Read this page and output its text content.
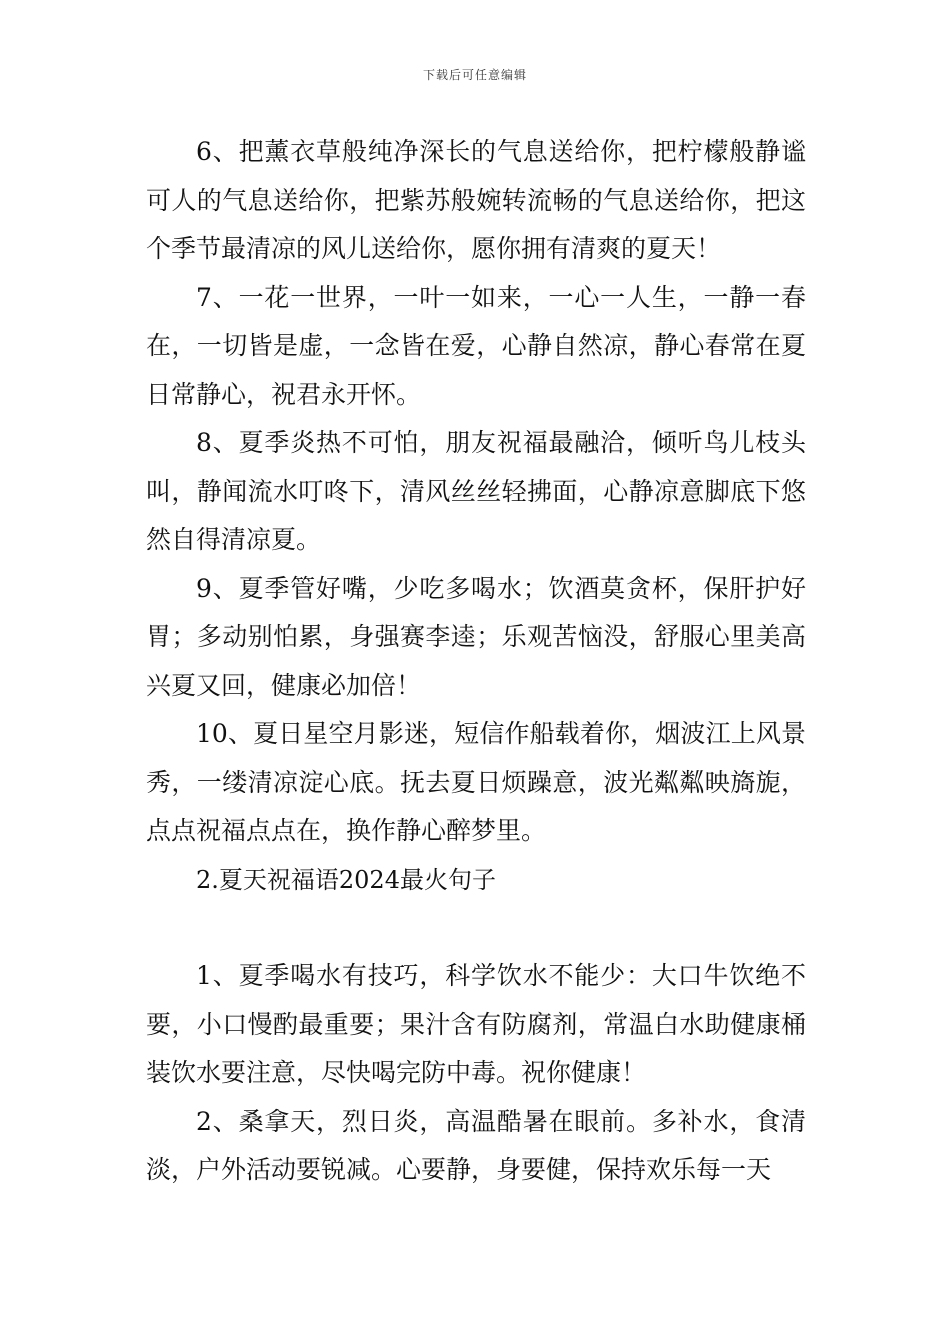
下载后可任意编辑

6、把薰衣草般纯净深长的气息送给你，把柠檬般静谧可人的气息送给你，把紫苏般婉转流畅的气息送给你，把这个季节最清凉的风儿送给你，愿你拥有清爽的夏天！

7、一花一世界，一叶一如来，一心一人生，一静一春在，一切皆是虚，一念皆在爱，心静自然凉，静心春常在夏日常静心，祝君永开怀。

8、夏季炎热不可怕，朋友祝福最融洽，倾听鸟儿枝头叫，静闻流水叮咚下，清风丝丝轻拂面，心静凉意脚底下悠然自得清凉夏。

9、夏季管好嘴，少吃多喝水；饮酒莫贪杯，保肝护好胃；多动别怕累，身强赛李逵；乐观苦恼没，舒服心里美高兴夏又回，健康必加倍！

10、夏日星空月影迷，短信作船载着你，烟波江上风景秀，一缕清凉淀心底。抚去夏日烦躁意，波光粼粼映旖旎，点点祝福点点在，换作静心醉梦里。

2.夏天祝福语2024最火句子

1、夏季喝水有技巧，科学饮水不能少：大口牛饮绝不要，小口慢酌最重要；果汁含有防腐剂，常温白水助健康桶装饮水要注意，尽快喝完防中毒。祝你健康！

2、桑拿天，烈日炎，高温酷暑在眼前。多补水，食清淡，户外活动要锐减。心要静，身要健，保持欢乐每一天
